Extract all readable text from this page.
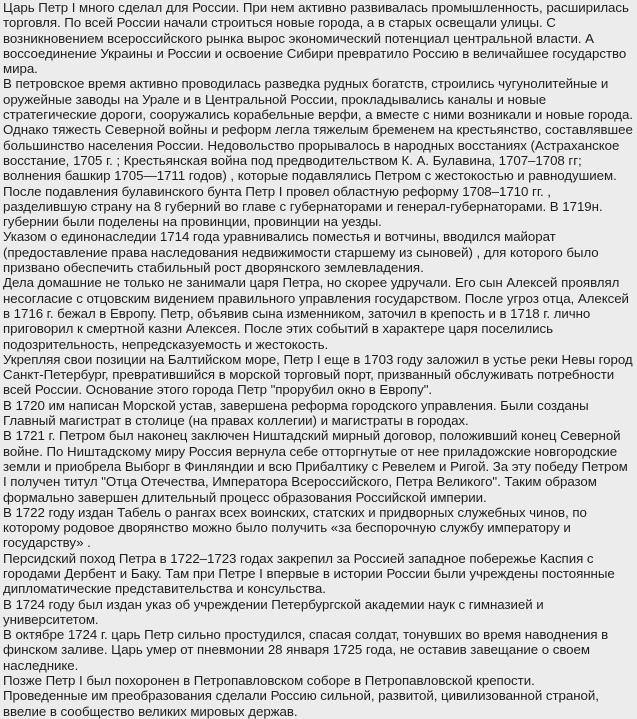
Царь Петр I много сделал для России. При нем активно развивалась промышленность, расширилась торговля. По всей России начали строиться новые города, а в старых освещали улицы. С возникновением всероссийского рынка вырос экономический потенциал центральной власти. А воссоединение Украины и России и освоение Сибири превратило Россию в величайшее государство мира.

В петровское время активно проводилась разведка рудных богатств, строились чугунолитейные и оружейные заводы на Урале и в Центральной России, прокладывались каналы и новые стратегические дороги, сооружались корабельные верфи, а вместе с ними возникали и новые города.

Однако тяжесть Северной войны и реформ легла тяжелым бременем на крестьянство, составлявшее большинство населения России. Недовольство прорывалось в народных восстаниях (Астраханское восстание, 1705 г. ; Крестьянская война под предводительством К. А. Булавина, 1707–1708 гг; волнения башкир 1705—1711 годов) , которые подавлялись Петром с жестокостью и равнодушием.

После подавления булавинского бунта Петр I провел областную реформу 1708–1710 гг. , разделившую страну на 8 губерний во главе с губернаторами и генерал-губернаторами. В 1719н. губернии были поделены на провинции, провинции на уезды.

Указом о единонаследии 1714 года уравнивались поместья и вотчины, вводился майорат (предоставление права наследования недвижимости старшему из сыновей) , для которого было призвано обеспечить стабильный рост дворянского землевладения.

Дела домашние не только не занимали царя Петра, но скорее удручали. Его сын Алексей проявлял несогласие с отцовским видением правильного управления государством. После угроз отца, Алексей в 1716 г. бежал в Европу. Петр, объявив сына изменником, заточил в крепость и в 1718 г. лично приговорил к смертной казни Алексея. После этих событий в характере царя поселились подозрительность, непредсказуемость и жестокость.

Укрепляя свои позиции на Балтийском море, Петр I еще в 1703 году заложил в устье реки Невы город Санкт-Петербург, превратившийся в морской торговый порт, призванный обслуживать потребности всей России. Основание этого города Петр "прорубил окно в Европу".

В 1720 им написан Морской устав, завершена реформа городского управления. Были созданы Главный магистрат в столице (на правах коллегии) и магистраты в городах.

В 1721 г. Петром был наконец заключен Ништадский мирный договор, положивший конец Северной войне. По Ништадскому миру Россия вернула себе отторгнутые от нее приладожские новгородские земли и приобрела Выборг в Финляндии и всю Прибалтику с Ревелем и Ригой. За эту победу Петром I получен титул "Отца Отечества, Императора Всероссийского, Петра Великого". Таким образом формально завершен длительный процесс образования Российской империи.

В 1722 году издан Табель о рангах всех воинских, статских и придворных служебных чинов, по которому родовое дворянство можно было получить «за беспорочную службу императору и государству» .

Персидский поход Петра в 1722–1723 годах закрепил за Россией западное побережье Каспия с городами Дербент и Баку. Там при Петре I впервые в истории России были учреждены постоянные дипломатические представительства и консульства.

В 1724 году был издан указ об учреждении Петербургской академии наук с гимназией и университетом.

В октябре 1724 г. царь Петр сильно простудился, спасая солдат, тонувших во время наводнения в финском заливе. Царь умер от пневмонии 28 января 1725 года, не оставив завещание о своем наследнике.

Позже Петр I был похоронен в Петропавловском соборе в Петропавловской крепости.

Проведенные им преобразования сделали Россию сильной, развитой, цивилизованной страной, ввелие в сообщество великих мировых держав.
